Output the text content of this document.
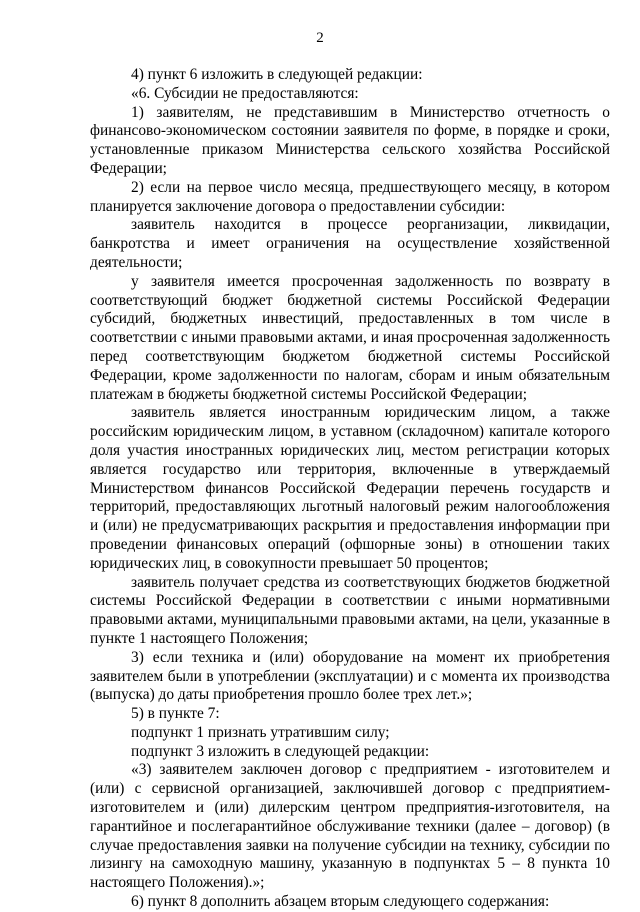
2

4) пункт 6 изложить в следующей редакции:

«6. Субсидии не предоставляются:

1) заявителям, не представившим в Министерство отчетность о финансово-экономическом состоянии заявителя по форме, в порядке и сроки, установленные приказом Министерства сельского хозяйства Российской Федерации;

2) если на первое число месяца, предшествующего месяцу, в котором планируется заключение договора о предоставлении субсидии:

заявитель находится в процессе реорганизации, ликвидации, банкротства и имеет ограничения на осуществление хозяйственной деятельности;

у заявителя имеется просроченная задолженность по возврату в соответствующий бюджет бюджетной системы Российской Федерации субсидий, бюджетных инвестиций, предоставленных в том числе в соответствии с иными правовыми актами, и иная просроченная задолженность перед соответствующим бюджетом бюджетной системы Российской Федерации, кроме задолженности по налогам, сборам и иным обязательным платежам в бюджеты бюджетной системы Российской Федерации;

заявитель является иностранным юридическим лицом, а также российским юридическим лицом, в уставном (складочном) капитале которого доля участия иностранных юридических лиц, местом регистрации которых является государство или территория, включенные в утверждаемый Министерством финансов Российской Федерации перечень государств и территорий, предоставляющих льготный налоговый режим налогообложения и (или) не предусматривающих раскрытия и предоставления информации при проведении финансовых операций (офшорные зоны) в отношении таких юридических лиц, в совокупности превышает 50 процентов;

заявитель получает средства из соответствующих бюджетов бюджетной системы Российской Федерации в соответствии с иными нормативными правовыми актами, муниципальными правовыми актами, на цели, указанные в пункте 1 настоящего Положения;

3) если техника и (или) оборудование на момент их приобретения заявителем были в употреблении (эксплуатации) и с момента их производства (выпуска) до даты приобретения прошло более трех лет.»;

5) в пункте 7:

подпункт 1 признать утратившим силу;

подпункт 3 изложить в следующей редакции:

«3) заявителем заключен договор с предприятием - изготовителем и (или) с сервисной организацией, заключившей договор с предприятием-изготовителем и (или) дилерским центром предприятия-изготовителя, на гарантийное и послегарантийное обслуживание техники (далее – договор) (в случае предоставления заявки на получение субсидии на технику, субсидии по лизингу на самоходную машину, указанную в подпунктах 5 – 8 пункта 10 настоящего Положения).»;

6) пункт 8 дополнить абзацем вторым следующего содержания:
